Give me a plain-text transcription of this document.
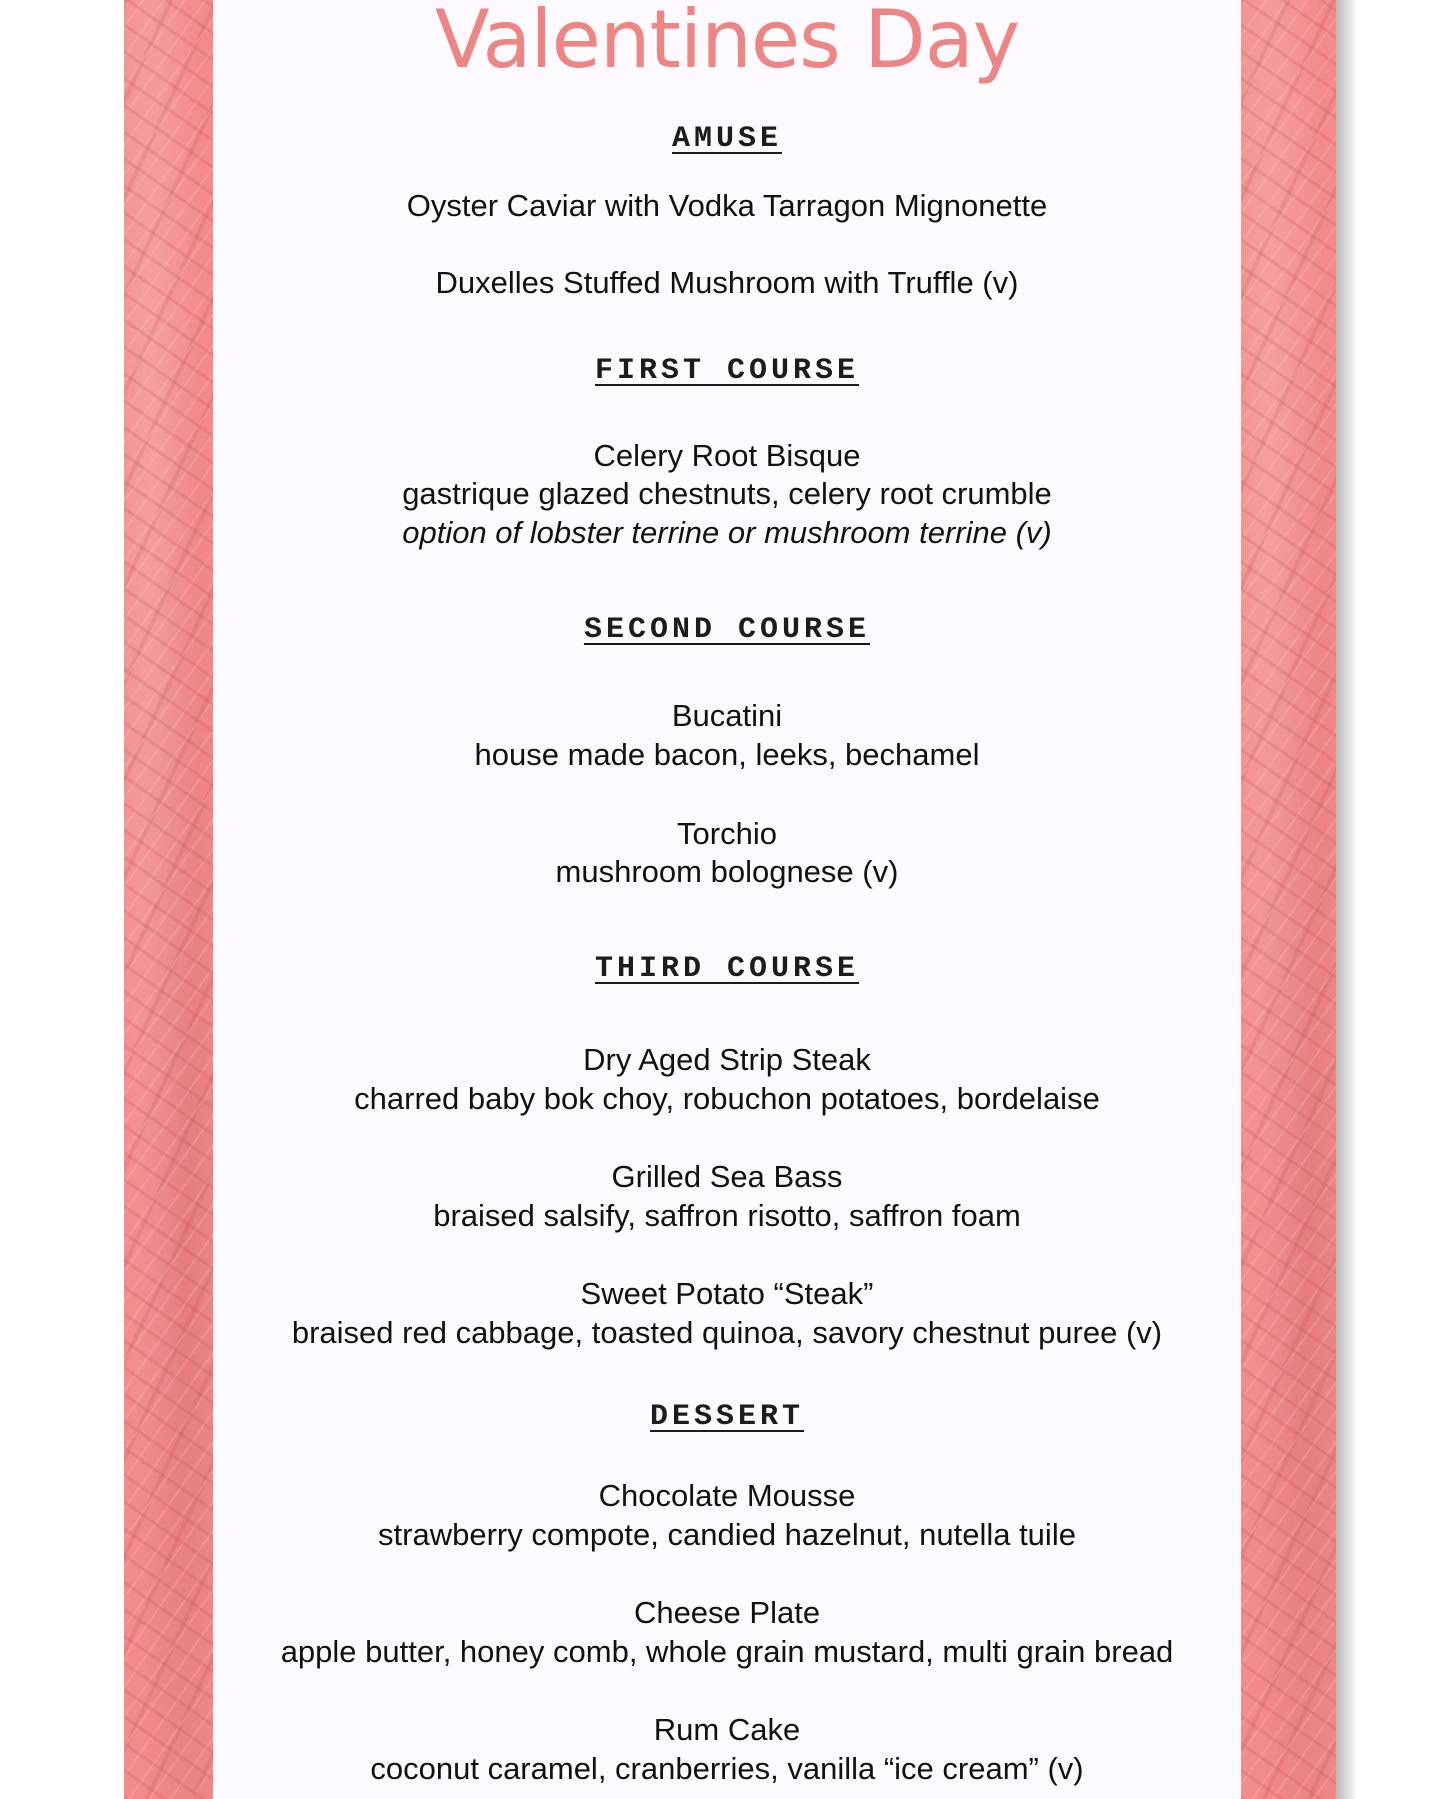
Valentines Day
AMUSE
Oyster Caviar with Vodka Tarragon Mignonette
Duxelles Stuffed Mushroom with Truffle (v)
FIRST COURSE
Celery Root Bisque
gastrique glazed chestnuts, celery root crumble
option of lobster terrine or mushroom terrine (v)
SECOND COURSE
Bucatini
house made bacon, leeks, bechamel
Torchio
mushroom bolognese (v)
THIRD COURSE
Dry Aged Strip Steak
charred baby bok choy, robuchon potatoes, bordelaise
Grilled Sea Bass
braised salsify, saffron risotto, saffron foam
Sweet Potato “Steak”
braised red cabbage, toasted quinoa, savory chestnut puree (v)
DESSERT
Chocolate Mousse
strawberry compote, candied hazelnut, nutella tuile
Cheese Plate
apple butter, honey comb, whole grain mustard, multi grain bread
Rum Cake
coconut caramel, cranberries, vanilla “ice cream” (v)
